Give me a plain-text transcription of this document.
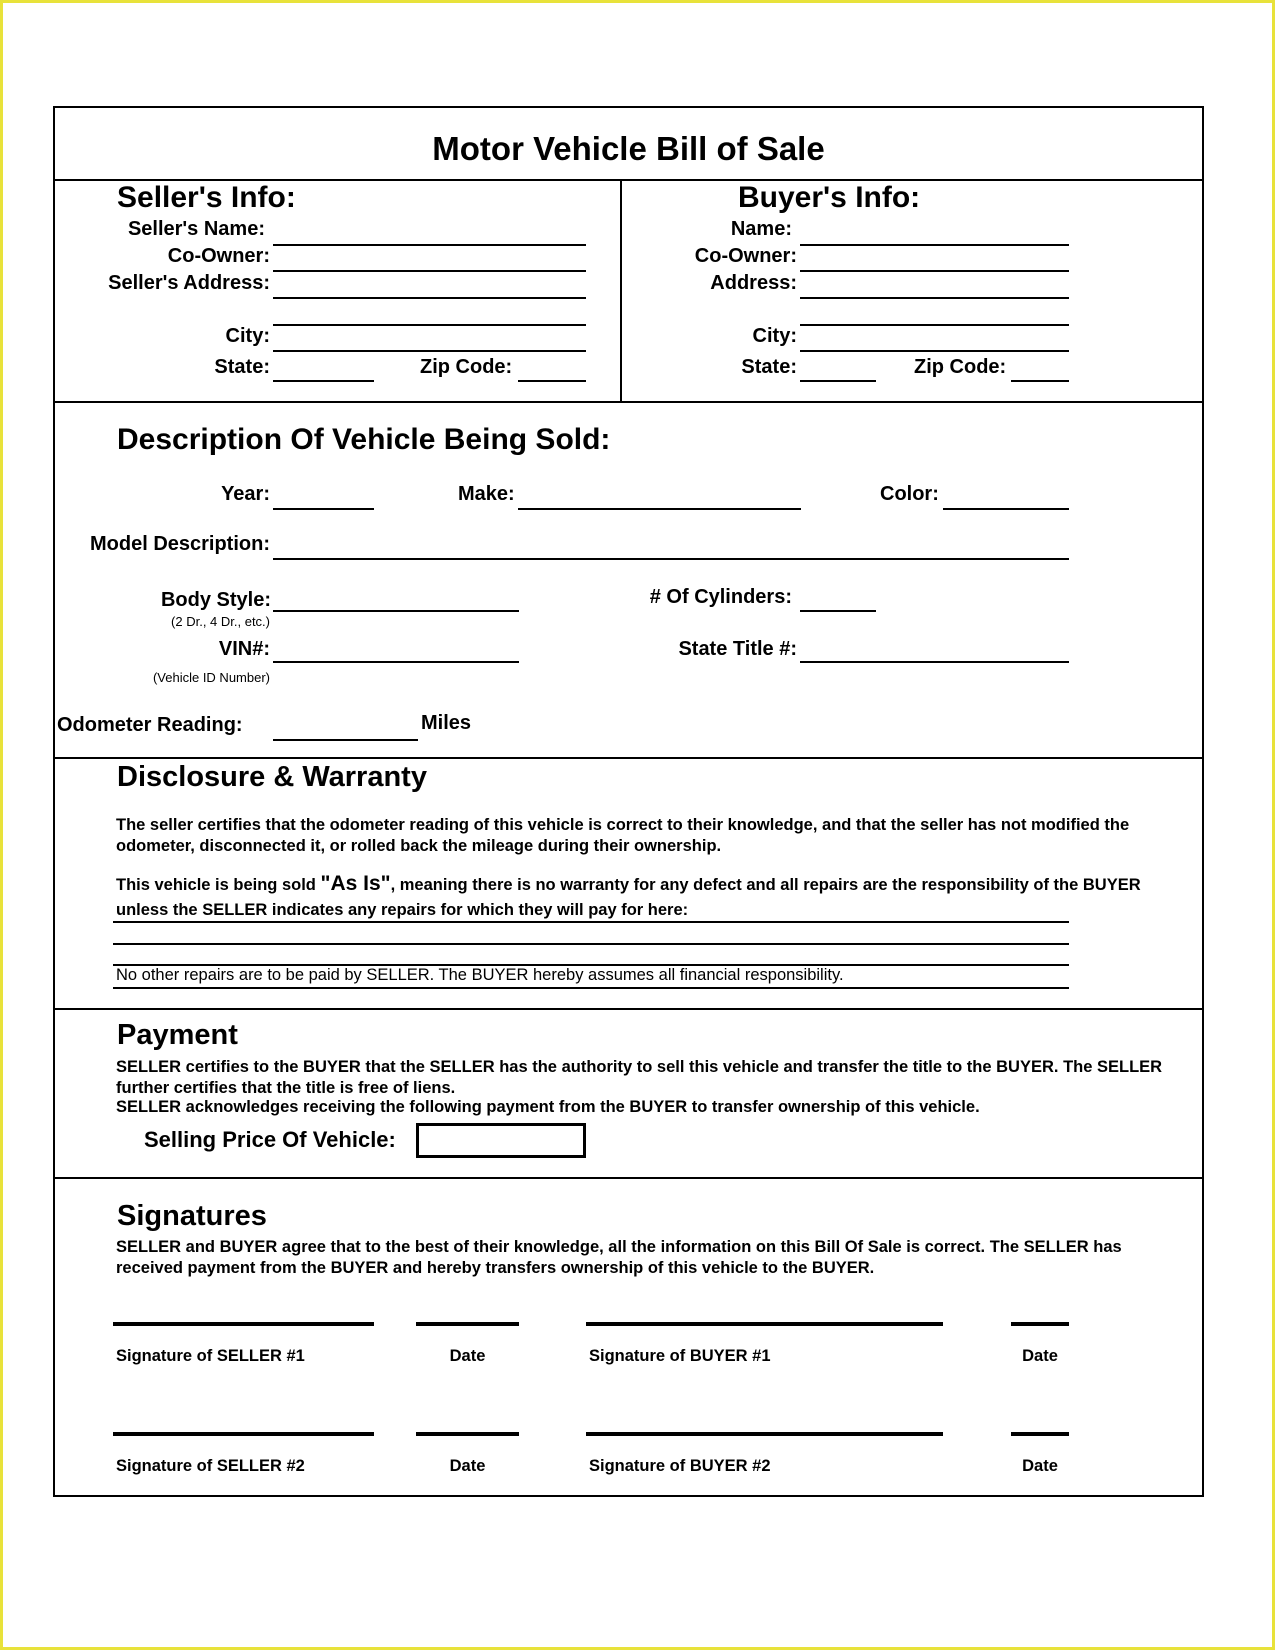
Motor Vehicle Bill of Sale
Seller's Info:
Seller's Name:
Co-Owner:
Seller's Address:
City:
State:	Zip Code:
Buyer's Info:
Name:
Co-Owner:
Address:
City:
State:	Zip Code:
Description Of Vehicle Being Sold:
Year:	Make:	Color:
Model Description:
Body Style:
(2 Dr., 4 Dr., etc.)
# Of Cylinders:
VIN#:
(Vehicle ID Number)
State Title #:
Odometer Reading:	Miles
Disclosure & Warranty
The seller certifies that the odometer reading of this vehicle is correct to their knowledge, and that the seller has not modified the odometer, disconnected it, or rolled back the mileage during their ownership.
This vehicle is being sold "As Is", meaning there is no warranty for any defect and all repairs are the responsibility of the BUYER
unless the SELLER indicates any repairs for which they will pay for here:
No other repairs are to be paid by SELLER. The BUYER hereby assumes all financial responsibility.
Payment
SELLER certifies to the BUYER that the SELLER has the authority to sell this vehicle and transfer the title to the BUYER. The SELLER further certifies that the title is free of liens.
SELLER acknowledges receiving the following payment from the BUYER to transfer ownership of this vehicle.
Selling Price Of Vehicle:
Signatures
SELLER and BUYER agree that to the best of their knowledge, all the information on this Bill Of Sale is correct. The SELLER has received payment from the BUYER and hereby transfers ownership of this vehicle to the BUYER.
Signature of SELLER #1	Date	Signature of BUYER #1	Date
Signature of SELLER #2	Date	Signature of BUYER #2	Date
